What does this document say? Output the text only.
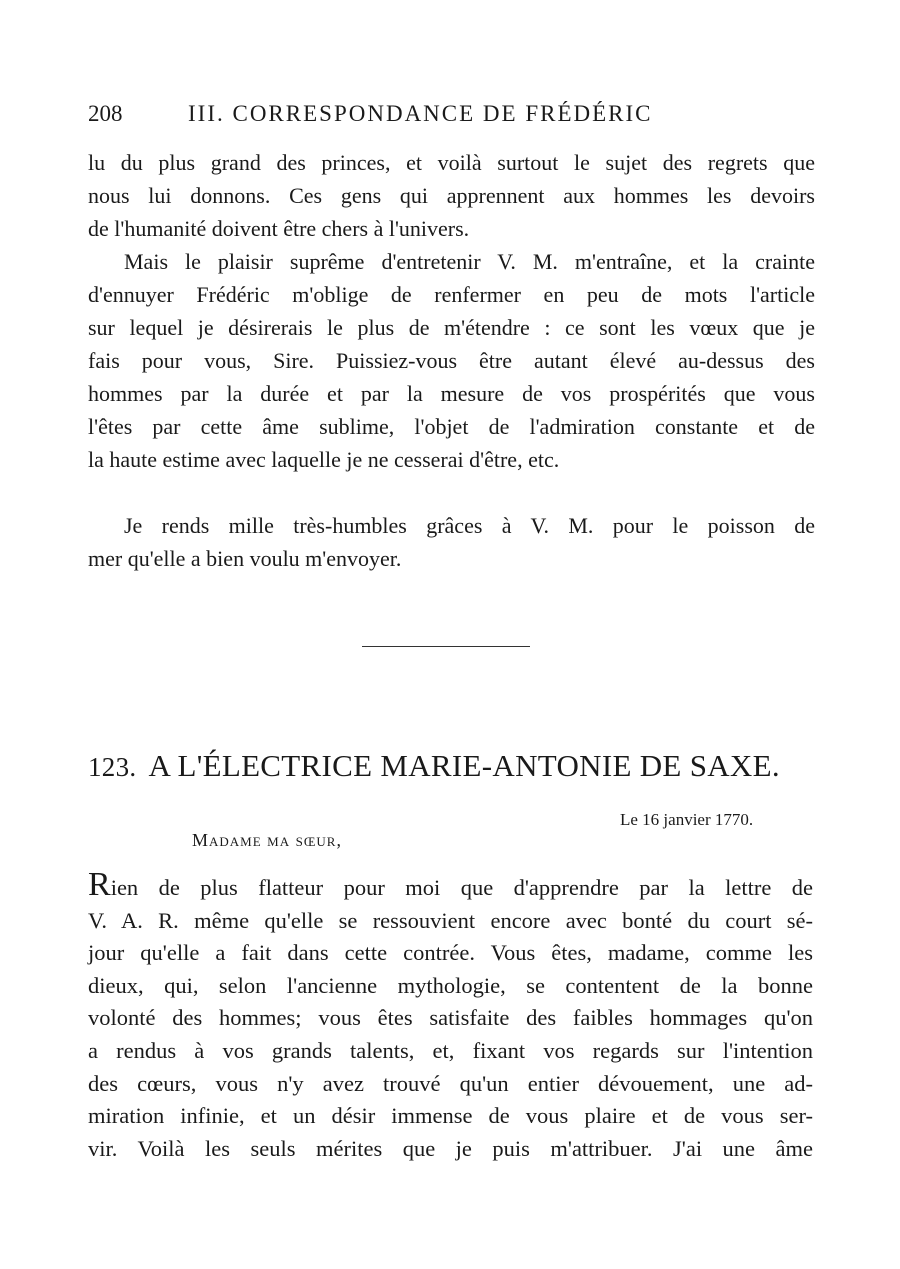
208	III. CORRESPONDANCE DE FRÉDÉRIC
lu du plus grand des princes, et voilà surtout le sujet des regrets que
nous lui donnons. Ces gens qui apprennent aux hommes les devoirs
de l'humanité doivent être chers à l'univers.
Mais le plaisir suprême d'entretenir V. M. m'entraîne, et la crainte
d'ennuyer Frédéric m'oblige de renfermer en peu de mots l'article
sur lequel je désirerais le plus de m'étendre : ce sont les vœux que je
fais pour vous, Sire. Puissiez-vous être autant élevé au-dessus des
hommes par la durée et par la mesure de vos prospérités que vous
l'êtes par cette âme sublime, l'objet de l'admiration constante et de
la haute estime avec laquelle je ne cesserai d'être, etc.
Je rends mille très-humbles grâces à V. M. pour le poisson de
mer qu'elle a bien voulu m'envoyer.
123. A L'ÉLECTRICE MARIE-ANTONIE DE SAXE.
Le 16 janvier 1770.
Madame ma sœur,
Rien de plus flatteur pour moi que d'apprendre par la lettre de
V. A. R. même qu'elle se ressouvient encore avec bonté du court sé-
jour qu'elle a fait dans cette contrée. Vous êtes, madame, comme les
dieux, qui, selon l'ancienne mythologie, se contentent de la bonne
volonté des hommes; vous êtes satisfaite des faibles hommages qu'on
a rendus à vos grands talents, et, fixant vos regards sur l'intention
des cœurs, vous n'y avez trouvé qu'un entier dévouement, une ad-
miration infinie, et un désir immense de vous plaire et de vous ser-
vir. Voilà les seuls mérites que je puis m'attribuer. J'ai une âme
